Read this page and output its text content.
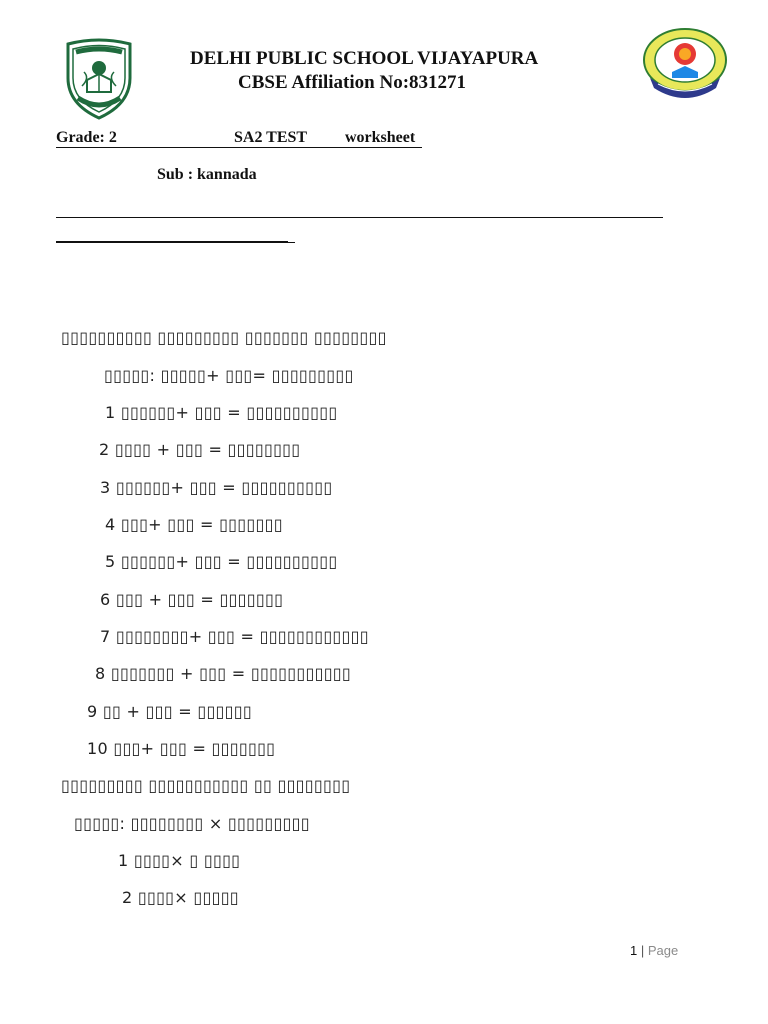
DELHI PUBLIC SCHOOL VIJAYAPURA
CBSE Affiliation No:831271
Grade: 2	SA2 TEST worksheet
Sub : kannada
▯▯▯▯▯▯▯▯▯▯ ▯▯▯▯▯▯▯▯▯ ▯▯▯▯▯▯▯ ▯▯▯▯▯▯▯▯
▯▯▯▯▯: ▯▯▯▯▯+ ▯▯▯= ▯▯▯▯▯▯▯▯▯
1 ▯▯▯▯▯▯+ ▯▯▯ = ▯▯▯▯▯▯▯▯▯▯
2 ▯▯▯▯ + ▯▯▯ = ▯▯▯▯▯▯▯▯
3 ▯▯▯▯▯▯+ ▯▯▯ = ▯▯▯▯▯▯▯▯▯▯
4 ▯▯▯+ ▯▯▯ = ▯▯▯▯▯▯▯
5 ▯▯▯▯▯▯+ ▯▯▯ = ▯▯▯▯▯▯▯▯▯▯
6 ▯▯▯ + ▯▯▯ = ▯▯▯▯▯▯▯
7 ▯▯▯▯▯▯▯▯+ ▯▯▯ = ▯▯▯▯▯▯▯▯▯▯▯▯
8 ▯▯▯▯▯▯▯ + ▯▯▯ = ▯▯▯▯▯▯▯▯▯▯▯
9 ▯▯ + ▯▯▯ = ▯▯▯▯▯▯
10 ▯▯▯+ ▯▯▯ = ▯▯▯▯▯▯▯
▯▯▯▯▯▯▯▯▯ ▯▯▯▯▯▯▯▯▯▯▯ ▯▯ ▯▯▯▯▯▯▯▯
▯▯▯▯▯: ▯▯▯▯▯▯▯▯ × ▯▯▯▯▯▯▯▯▯
1 ▯▯▯▯× ▯ ▯▯▯▯
2 ▯▯▯▯× ▯▯▯▯▯
1 | Page
